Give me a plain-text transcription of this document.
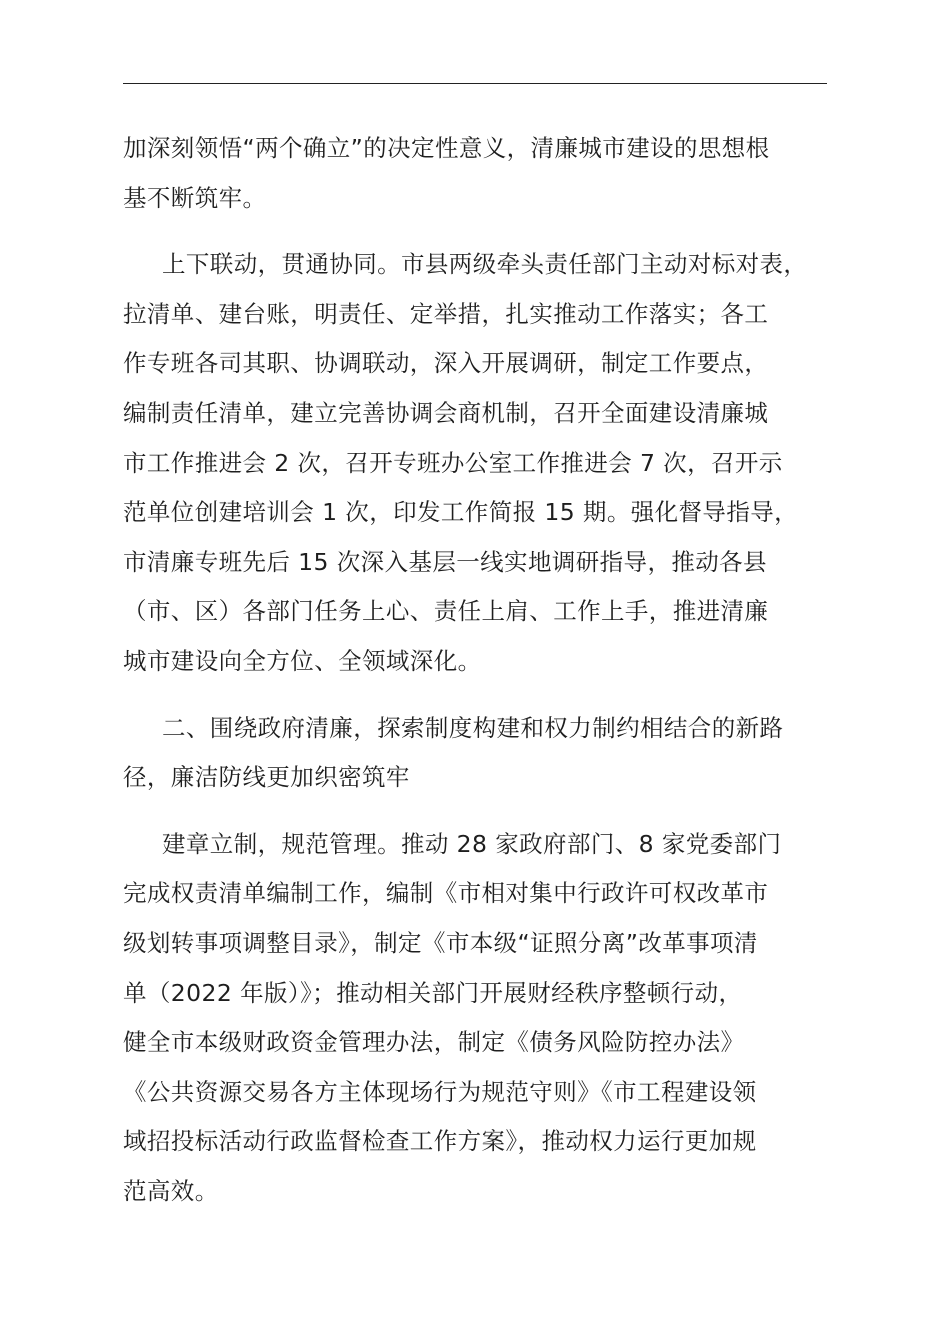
加深刻领悟“两个确立”的决定性意义，清廉城市建设的思想根
基不断筑牢。
上下联动，贯通协同。市县两级牵头责任部门主动对标对表，
拉清单、建台账，明责任、定举措，扎实推动工作落实；各工
作专班各司其职、协调联动，深入开展调研，制定工作要点，
编制责任清单，建立完善协调会商机制，召开全面建设清廉城
市工作推进会 2 次，召开专班办公室工作推进会 7 次，召开示
范单位创建培训会 1 次，印发工作简报 15 期。强化督导指导，
市清廉专班先后 15 次深入基层一线实地调研指导，推动各县
（市、区）各部门任务上心、责任上肩、工作上手，推进清廉
城市建设向全方位、全领域深化。
二、围绕政府清廉，探索制度构建和权力制约相结合的新路
径，廉洁防线更加织密筑牢
建章立制，规范管理。推动 28 家政府部门、8 家党委部门
完成权责清单编制工作，编制《市相对集中行政许可权改革市
级划转事项调整目录》，制定《市本级“证照分离”改革事项清
单（2022 年版）》；推动相关部门开展财经秩序整顿行动，
健全市本级财政资金管理办法，制定《债务风险防控办法》
《公共资源交易各方主体现场行为规范守则》《市工程建设领
域招投标活动行政监督检查工作方案》，推动权力运行更加规
范高效。
